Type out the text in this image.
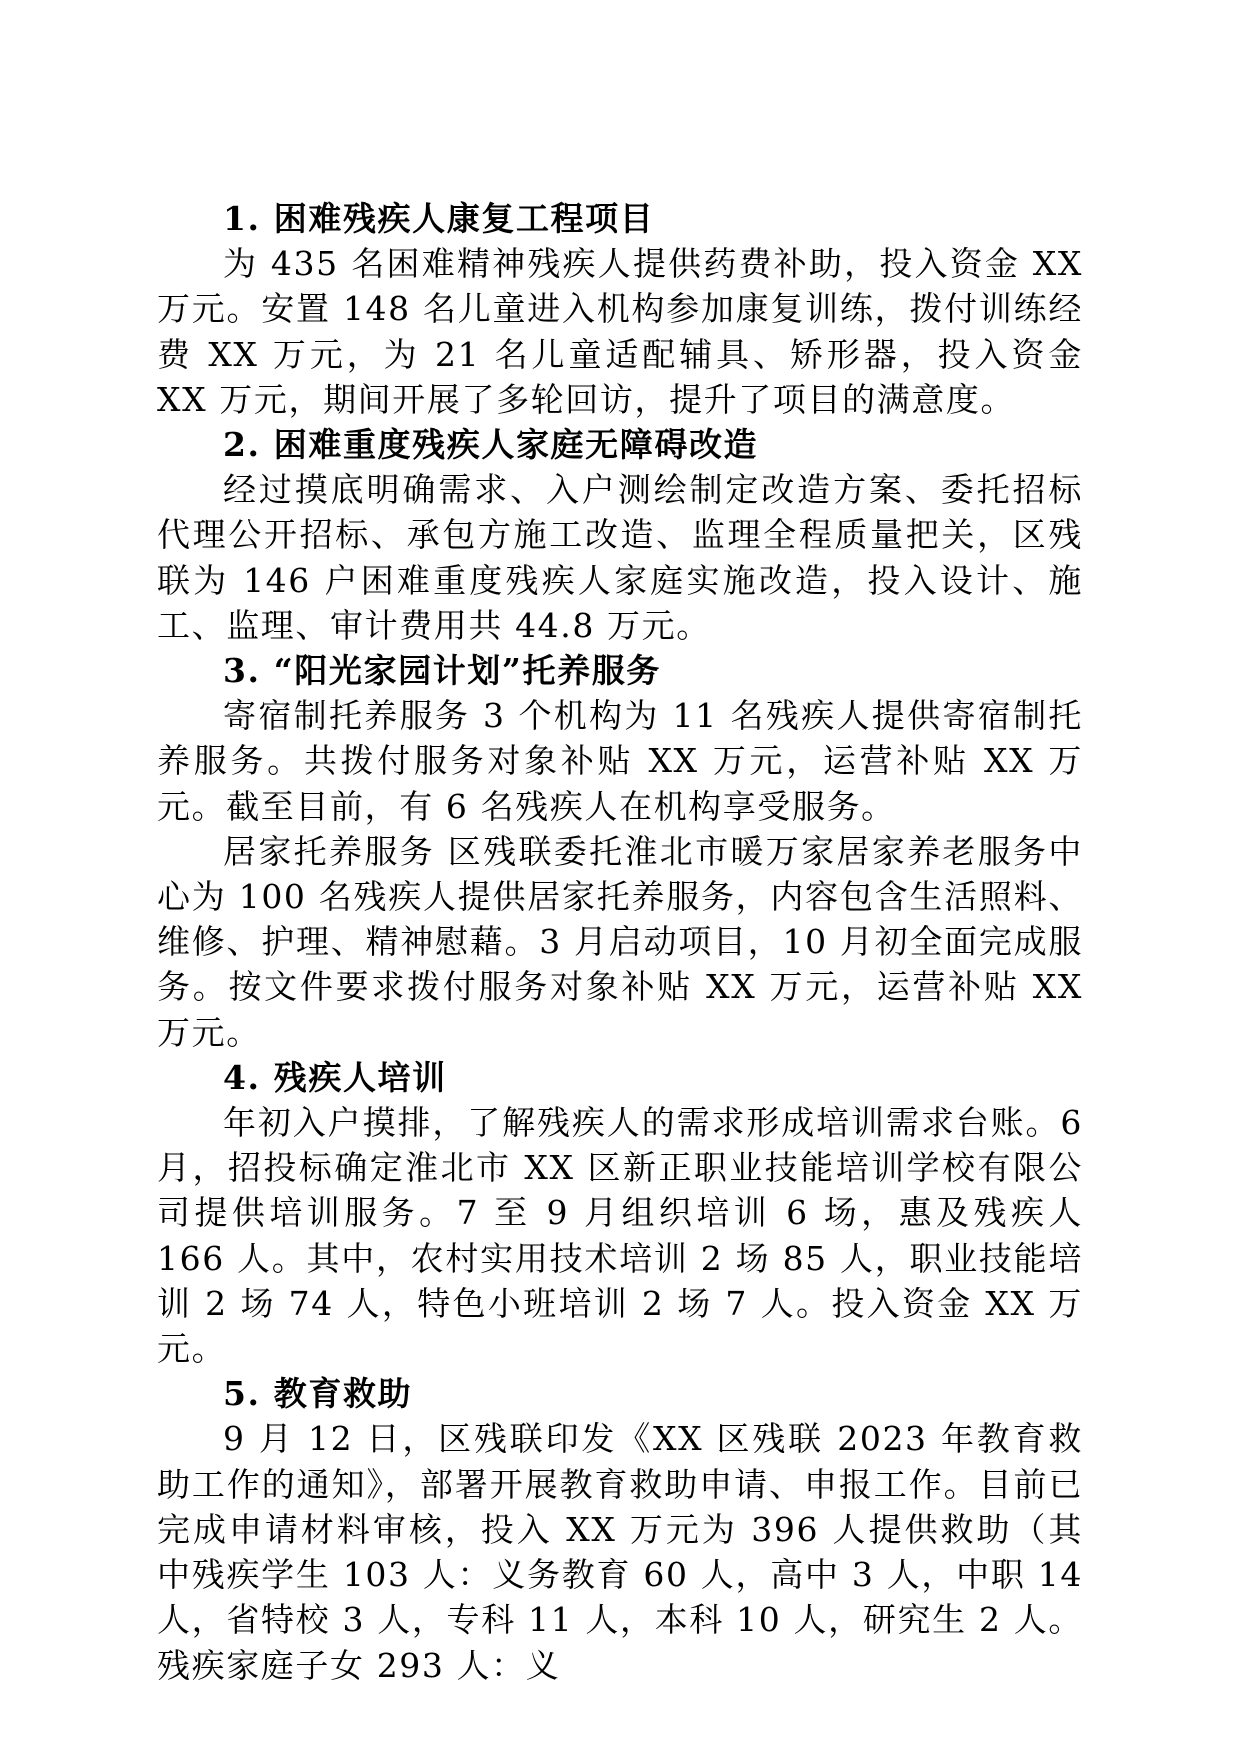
1. 困难残疾人康复工程项目

为 435 名困难精神残疾人提供药费补助，投入资金 XX 万元。安置 148 名儿童进入机构参加康复训练，拨付训练经费 XX 万元，为 21 名儿童适配辅具、矫形器，投入资金 XX 万元，期间开展了多轮回访，提升了项目的满意度。

2. 困难重度残疾人家庭无障碍改造

经过摸底明确需求、入户测绘制定改造方案、委托招标代理公开招标、承包方施工改造、监理全程质量把关，区残联为 146 户困难重度残疾人家庭实施改造，投入设计、施工、监理、审计费用共 44.8 万元。

3. “阳光家园计划”托养服务

寄宿制托养服务 3 个机构为 11 名残疾人提供寄宿制托养服务。共拨付服务对象补贴 XX 万元，运营补贴 XX 万元。截至目前，有 6 名残疾人在机构享受服务。

居家托养服务 区残联委托淮北市暖万家居家养老服务中心为 100 名残疾人提供居家托养服务，内容包含生活照料、维修、护理、精神慰藉。3 月启动项目，10 月初全面完成服务。按文件要求拨付服务对象补贴 XX 万元，运营补贴 XX 万元。

4. 残疾人培训

年初入户摸排，了解残疾人的需求形成培训需求台账。6 月，招投标确定淮北市 XX 区新正职业技能培训学校有限公司提供培训服务。7 至 9 月组织培训 6 场，惠及残疾人 166 人。其中，农村实用技术培训 2 场 85 人，职业技能培训 2 场 74 人，特色小班培训 2 场 7 人。投入资金 XX 万元。

5. 教育救助

9 月 12 日，区残联印发《XX 区残联 2023 年教育救助工作的通知》，部署开展教育救助申请、申报工作。目前已完成申请材料审核，投入 XX 万元为 396 人提供救助（其中残疾学生 103 人：义务教育 60 人，高中 3 人，中职 14 人，省特校 3 人，专科 11 人，本科 10 人，研究生 2 人。残疾家庭子女 293 人：义
